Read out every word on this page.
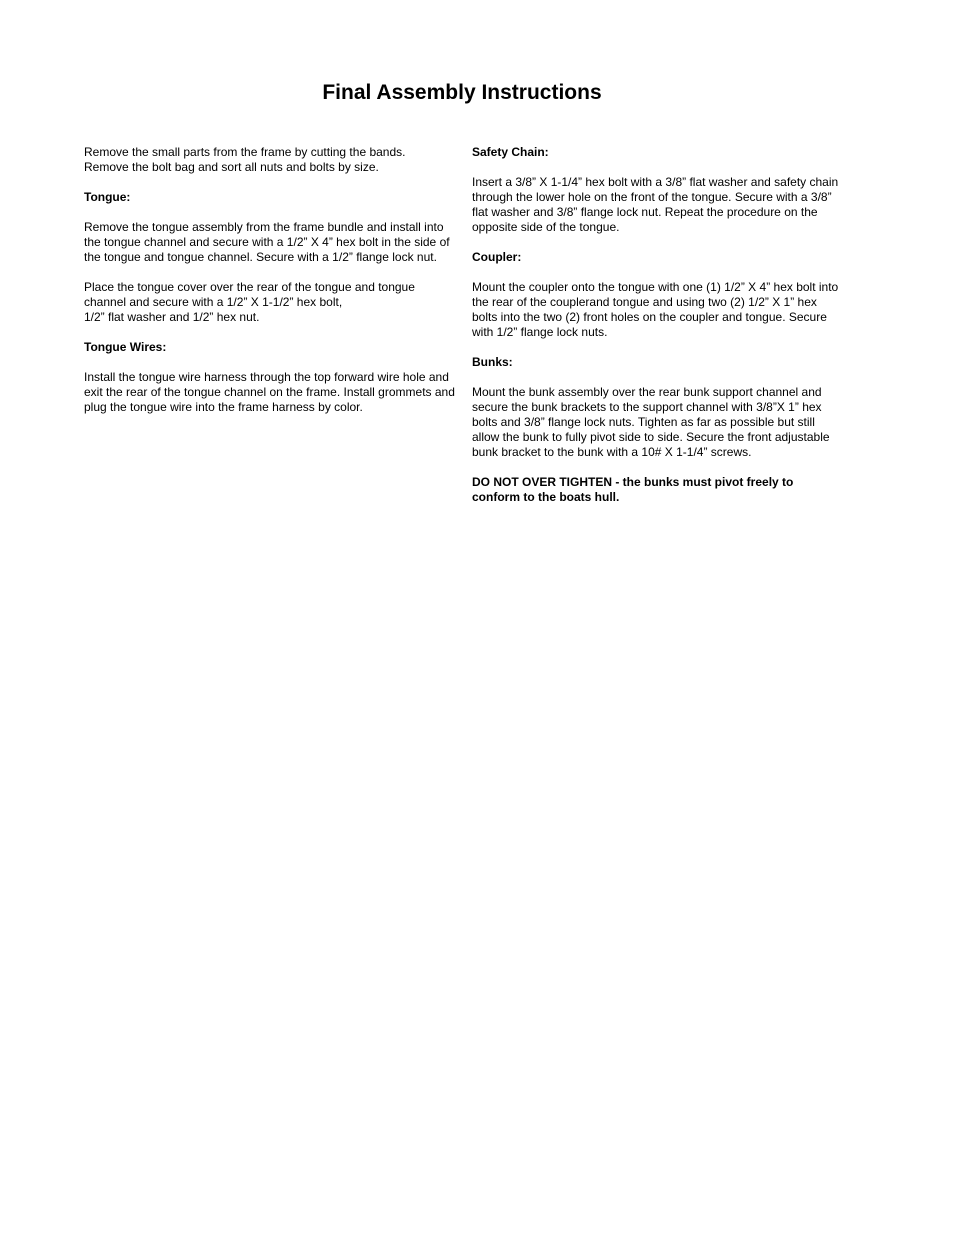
Final Assembly Instructions

Remove the small parts from the frame by cutting the bands.
Remove the bolt bag and sort all nuts and bolts by size.

Tongue:

Remove the tongue assembly from the frame bundle and install into the tongue channel and secure with a 1/2” X 4” hex bolt in the side of the tongue and tongue channel. Secure with a 1/2” flange lock nut.

Place the tongue cover over the rear of the tongue and tongue channel and secure with a 1/2” X 1-1/2” hex bolt,
1/2” flat washer and 1/2” hex nut.

Tongue Wires:

Install the tongue wire harness through the top forward wire hole and exit the rear of the tongue channel on the frame. Install grommets and plug the tongue wire into the frame harness by color.

Safety Chain:

Insert a 3/8” X 1-1/4” hex bolt with a 3/8” flat washer and safety chain through the lower hole on the front of the tongue. Secure with a 3/8” flat washer and 3/8” flange lock nut. Repeat the procedure on the opposite side of the tongue.

Coupler:

Mount the coupler onto the tongue with one (1) 1/2” X 4” hex bolt into the rear of the couplerand tongue and using two (2) 1/2” X 1” hex bolts into the two (2) front holes on the coupler and tongue. Secure with 1/2” flange lock nuts.

Bunks:

Mount the bunk assembly over the rear bunk support channel and secure the bunk brackets to the support channel with 3/8”X 1” hex bolts and 3/8” flange lock nuts. Tighten as far as possible but still allow the bunk to fully pivot side to side. Secure the front adjustable bunk bracket to the bunk with a 10# X 1-1/4” screws.

DO NOT OVER TIGHTEN - the bunks must pivot freely to conform to the boats hull.
